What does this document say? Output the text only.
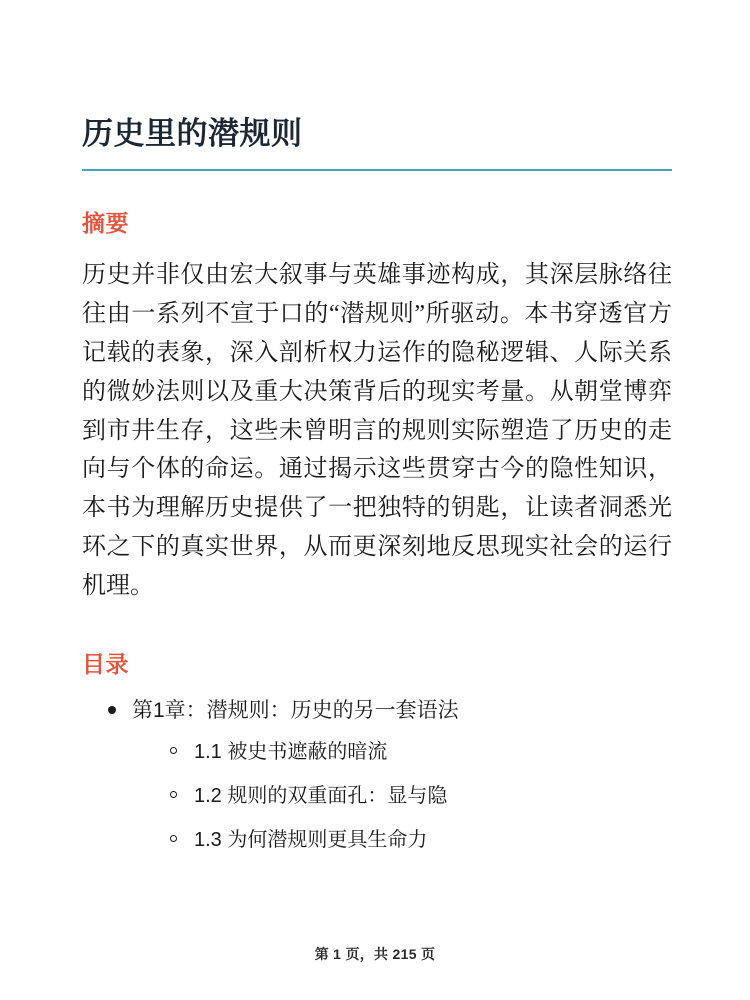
历史里的潜规则
摘要

历史并非仅由宏大叙事与英雄事迹构成，其深层脉络往往由一系列不宣于口的“潜规则”所驱动。本书穿透官方记载的表象，深入剖析权力运作的隐秘逻辑、人际关系的微妙法则以及重大决策背后的现实考量。从朝堂博弈到市井生存，这些未曾明言的规则实际塑造了历史的走向与个体的命运。通过揭示这些贯穿古今的隐性知识，本书为理解历史提供了一把独特的钥匙，让读者洞悉光环之下的真实世界，从而更深刻地反思现实社会的运行机理。

目录
第1章：潜规则：历史的另一套语法
1.1 被史书遮蔽的暗流
1.2 规则的双重面孔：显与隐
1.3 为何潜规则更具生命力
第 1 页，共 215 页
